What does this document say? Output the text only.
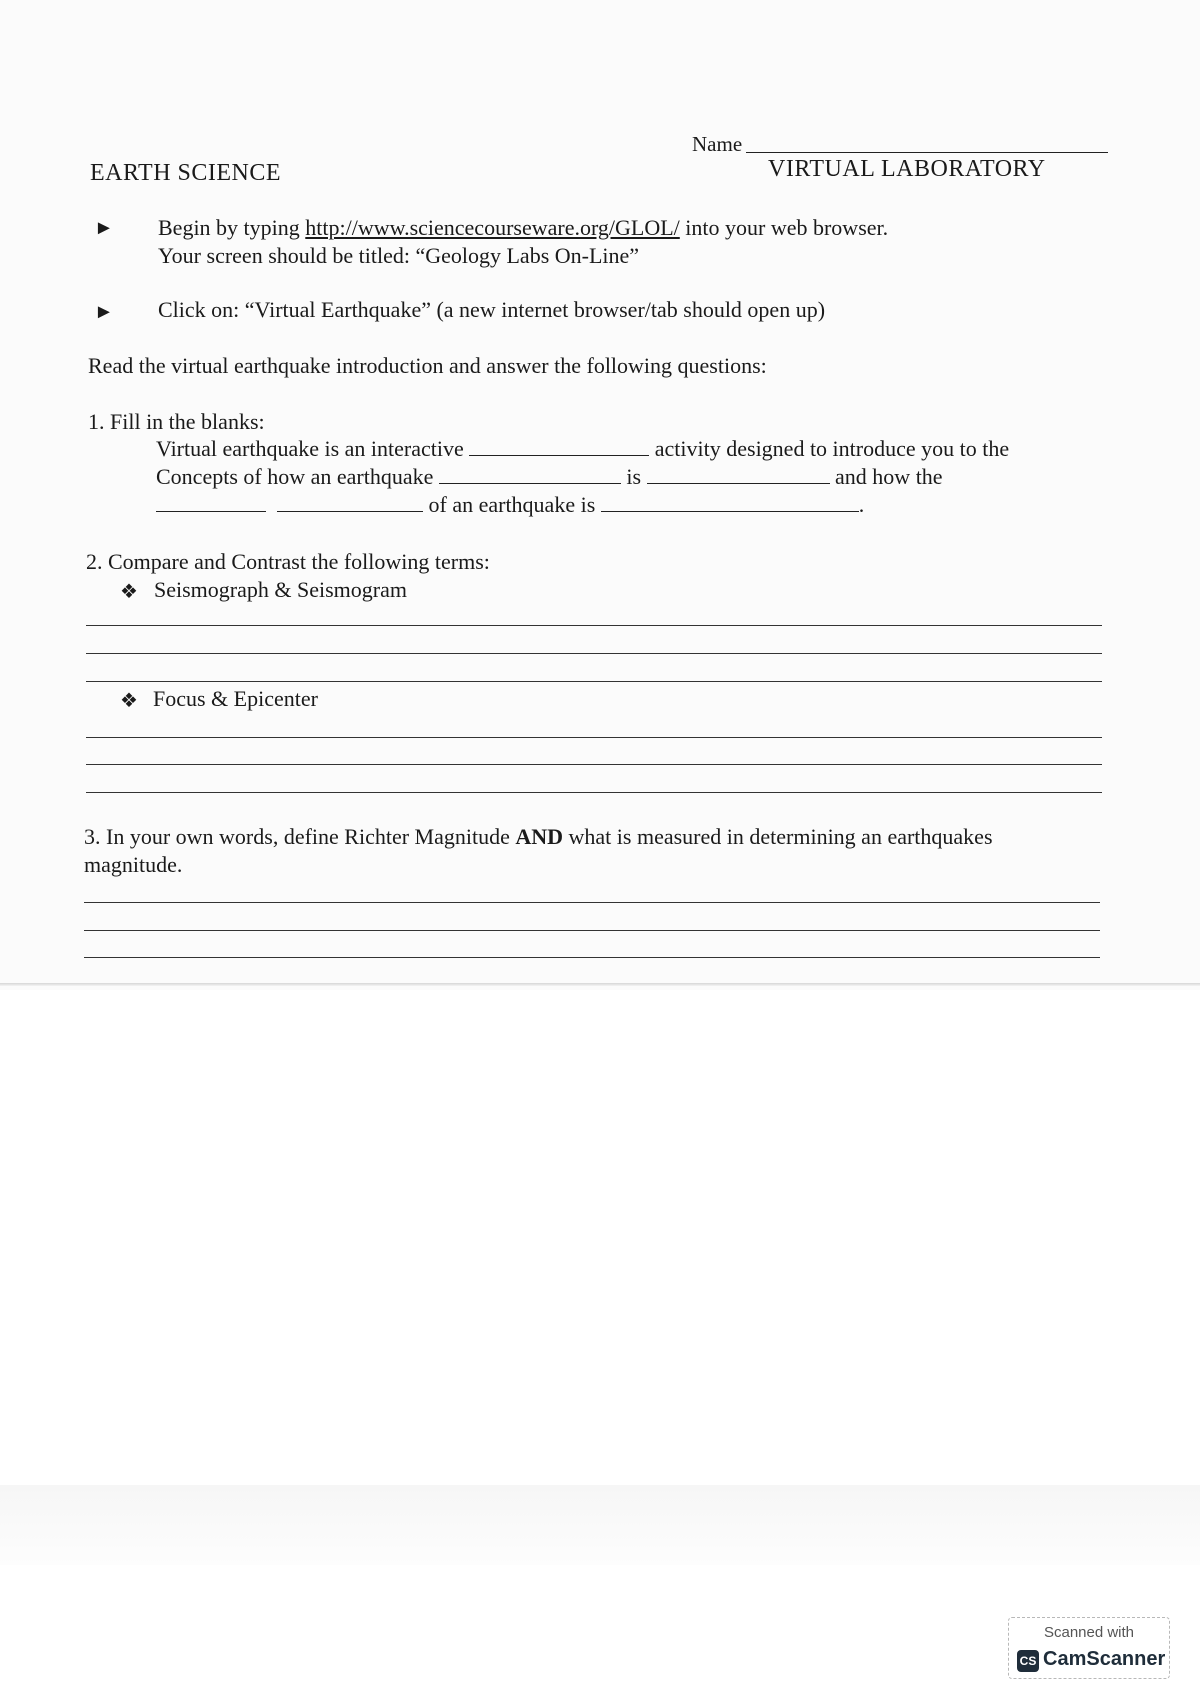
Name
EARTH SCIENCE	VIRTUAL LABORATORY
► Begin by typing http://www.sciencecourseware.org/GLOL/ into your web browser.
Your screen should be titled: “Geology Labs On-Line”
► Click on: “Virtual Earthquake” (a new internet browser/tab should open up)
Read the virtual earthquake introduction and answer the following questions:
1. Fill in the blanks:
Virtual earthquake is an interactive	activity designed to introduce you to the
Concepts of how an earthquake	is	and how the
of an earthquake is	.
2. Compare and Contrast the following terms:
❖ Seismograph & Seismogram
❖ Focus & Epicenter
3. In your own words, define Richter Magnitude AND what is measured in determining an earthquakes
magnitude.
Scanned with
CS CamScanner
